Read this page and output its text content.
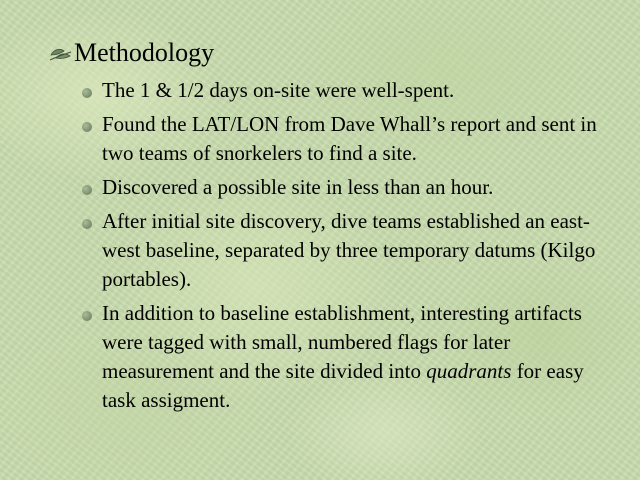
Methodology
The 1 & 1/2 days on-site were well-spent.
Found the LAT/LON from Dave Whall’s report and sent in two teams of snorkelers to find a site.
Discovered a possible site in less than an hour.
After initial site discovery, dive teams established an east-west baseline, separated by three temporary datums (Kilgo portables).
In addition to baseline establishment, interesting artifacts were tagged with small, numbered flags for later measurement and the site divided into quadrants for easy task assigment.
